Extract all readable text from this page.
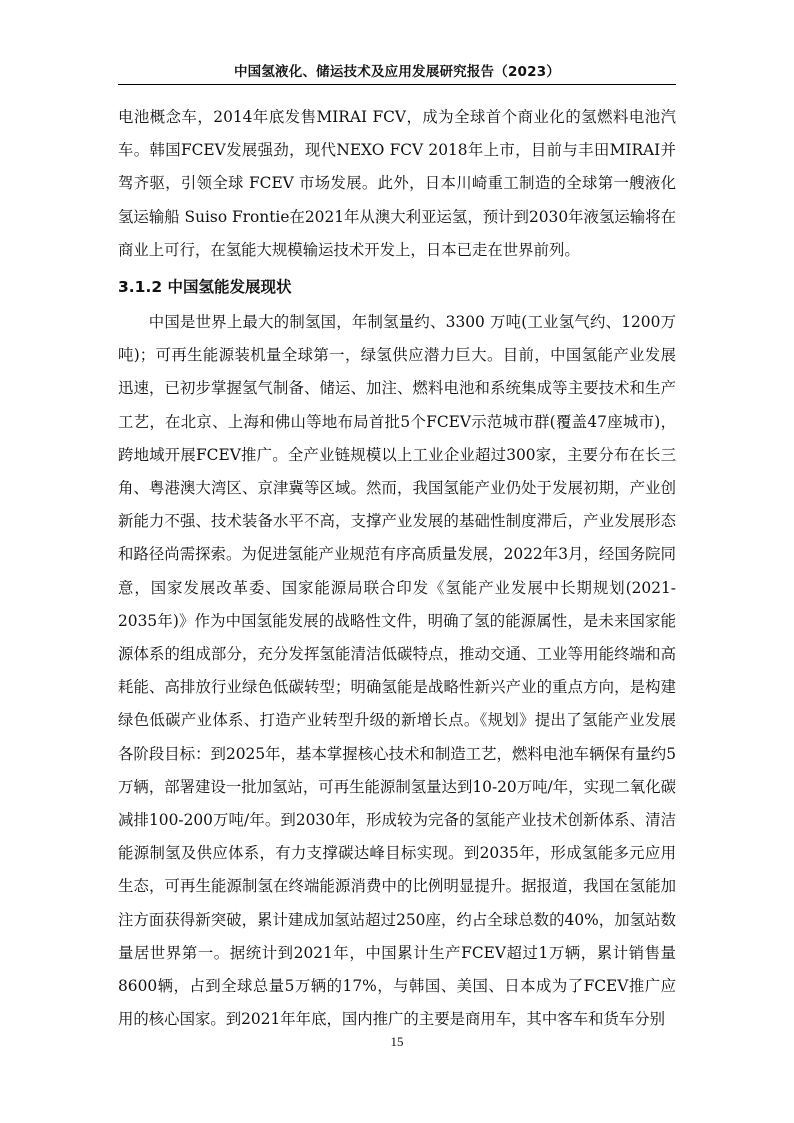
中国氢液化、储运技术及应用发展研究报告（2023）

电池概念车，2014年底发售MIRAI FCV，成为全球首个商业化的氢燃料电池汽车。韩国FCEV发展强劲，现代NEXO FCV 2018年上市，目前与丰田MIRAI并驾齐驱，引领全球 FCEV 市场发展。此外，日本川崎重工制造的全球第一艘液化氢运输船 Suiso Frontie在2021年从澳大利亚运氢，预计到2030年液氢运输将在商业上可行，在氢能大规模输运技术开发上，日本已走在世界前列。

3.1.2 中国氢能发展现状

中国是世界上最大的制氢国，年制氢量约、3300 万吨(工业氢气约、1200万吨)；可再生能源装机量全球第一，绿氢供应潜力巨大。目前，中国氢能产业发展迅速，已初步掌握氢气制备、储运、加注、燃料电池和系统集成等主要技术和生产工艺，在北京、上海和佛山等地布局首批5个FCEV示范城市群(覆盖47座城市)，跨地域开展FCEV推广。全产业链规模以上工业企业超过300家，主要分布在长三角、粤港澳大湾区、京津冀等区域。然而，我国氢能产业仍处于发展初期，产业创新能力不强、技术装备水平不高，支撑产业发展的基础性制度滞后，产业发展形态和路径尚需探索。为促进氢能产业规范有序高质量发展，2022年3月，经国务院同意，国家发展改革委、国家能源局联合印发《氢能产业发展中长期规划(2021-2035年)》作为中国氢能发展的战略性文件，明确了氢的能源属性，是未来国家能源体系的组成部分，充分发挥氢能清洁低碳特点，推动交通、工业等用能终端和高耗能、高排放行业绿色低碳转型；明确氢能是战略性新兴产业的重点方向，是构建绿色低碳产业体系、打造产业转型升级的新增长点。《规划》提出了氢能产业发展各阶段目标：到2025年，基本掌握核心技术和制造工艺，燃料电池车辆保有量约5万辆，部署建设一批加氢站，可再生能源制氢量达到10-20万吨/年，实现二氧化碳减排100-200万吨/年。到2030年，形成较为完备的氢能产业技术创新体系、清洁能源制氢及供应体系，有力支撑碳达峰目标实现。到2035年，形成氢能多元应用生态，可再生能源制氢在终端能源消费中的比例明显提升。据报道，我国在氢能加注方面获得新突破，累计建成加氢站超过250座，约占全球总数的40%，加氢站数量居世界第一。据统计到2021年，中国累计生产FCEV超过1万辆，累计销售量8600辆，占到全球总量5万辆的17%，与韩国、美国、日本成为了FCEV推广应用的核心国家。到2021年年底，国内推广的主要是商用车，其中客车和货车分别

15
